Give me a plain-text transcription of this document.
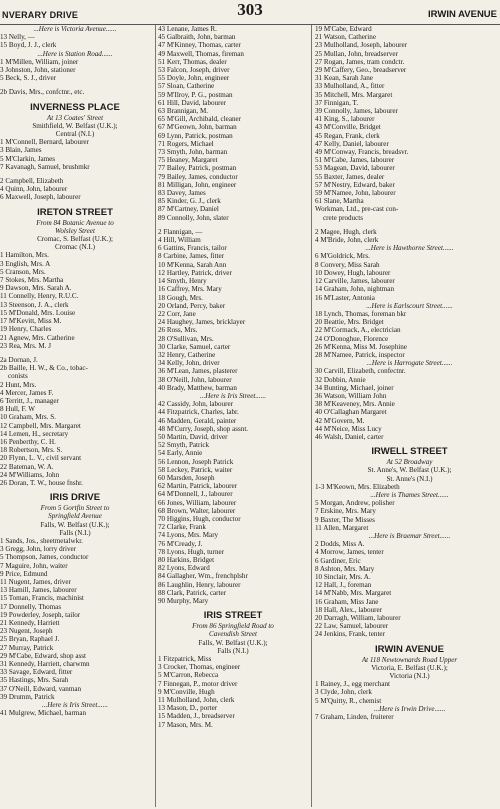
NVERARY DRIVE	303	IRWIN AVENUE
...Here is Victoria Avenue......
13 Nelly, —
15 Boyd, J. J., clerk
...Here is Station Road......
1 M'Millen, William, joiner
3 Johnston, John, stationer
5 Beck, S. J., driver
2b Davis, Mrs., confctnr., etc.
INVERNESS PLACE
At 13 Coates' Street
Smithfield, W. Belfast (U.K.);
Central (N.I.)
1 M'Connell, Bernard, labourer
3 Blain, James
5 M'Clarkin, James
7 Kavanagh, Samuel, brushmkr
2 Campbell, Elizabeth
4 Quinn, John, labourer
6 Maxwell, Joseph, labourer
IRETON STREET
From 84 Botanic Avenue to
Wolsley Street
Cromac, S. Belfast (U.K.);
Cromac (N.I.)
1 Hamilton, Mrs.
3 English, Mrs. A
5 Cranson, Mrs.
7 Stokes, Mrs. Martha
9 Dawson, Mrs. Sarah A.
11 Connelly, Henry, R.U.C.
13 Steenson, J. A., clerk
15 M'Donald, Mrs. Louise
17 M'Kevitt, Miss M.
19 Henry, Charles
21 Agnew, Mrs. Catherine
23 Rea, Mrs. M. J
2a Dornan, J.
2b Baille, H. W., & Co., tobac-
conists
2 Hunt, Mrs.
4 Mercer, James F.
6 Territt, J., manager
8 Hull, F. W
10 Graham, Mrs. S.
12 Campbell, Mrs. Margaret
14 Lemen, H., secretary
16 Penberthy, C. H.
18 Robertson, Mrs. S.
20 Flynn, L. V., civil servant
22 Bateman, W. A.
24 M'Williams, John
26 Doran, T. W., house fnshr.
IRIS DRIVE
From 5 Gortfin Street to
Springfield Avenue
Falls, W. Belfast (U.K.);
Falls (N.I.)
1 Sands, Jos., sheetmetalwkr.
3 Gregg, John, lorry driver
5 Thompson, James, conductor
7 Maguire, John, waiter
9 Price, Edmund
11 Nugent, James, driver
13 Hamill, James, labourer
15 Toman, Francis, machinist
17 Donnelly, Thomas
19 Powderley, Joseph, tailor
21 Kennedy, Harriett
23 Nugent, Joseph
25 Bryan, Raphael J.
27 Murray, Patrick
29 M'Cabe, Edward, shop asst
31 Kennedy, Harriett, charwmn
33 Savage, Edward, fitter
35 Hastings, Mrs. Sarah
37 O'Neill, Edward, vanman
39 Drumm, Patrick
...Here is Iris Street......
41 Mulgrew, Michael, barman
43 Lenane, James R.
45 Galbraith, John, barman
47 M'Kinney, Thomas, carter
49 Maxwell, Thomas, fireman
51 Kerr, Thomas, dealer
53 Falcon, Joseph, driver
55 Doyle, John, engineer
57 Sloan, Catherine
59 M'Ilroy, P. G., postman
61 Hill, David, labourer
63 Brannigan, M.
65 M'Gill, Archibald, cleaner
67 M'Geown, John, barman
69 Lynn, Patrick, postman
71 Rogers, Michael
73 Smyth, John, barman
75 Heaney, Margaret
77 Bailey, Patrick, postman
79 Bailey, James, conductor
81 Milligan, John, engineer
83 Davey, James
85 Kinder, G. J., clerk
87 M'Cartney, Daniel
89 Connolly, John, slater
2 Flannigan, —
4 Hill, William
6 Gattins, Francis, tailor
8 Carbine, James, fitter
10 M'Kenna, Sarah Ann
12 Hartley, Patrick, driver
14 Smyth, Henry
16 Caffrey, Mrs. Mary
18 Gough, Mrs.
20 Orland, Percy, baker
22 Corr, Jane
24 Haughey, James, bricklayer
26 Ross, Mrs.
28 O'Sullivan, Mrs.
30 Clarke, Samuel, carter
32 Henry, Catherine
34 Kelly, John, driver
36 M'Lean, James, plasterer
38 O'Neill, John, labourer
40 Brady, Matthew, barman
...Here is Iris Street......
42 Cassidy, John, labourer
44 Fitzpatrick, Charles, labr.
46 Madden, Gerald, painter
48 M'Curry, Joseph, shop assnt.
50 Martin, David, driver
52 Smyth, Patrick
54 Early, Annie
56 Lennon, Joseph Patrick
58 Leckey, Patrick, waiter
60 Marsden, Joseph
62 Martin, Patrick, labourer
64 M'Donnell, J., labourer
66 Jones, William, labourer
68 Brown, Walter, labourer
70 Higgins, Hugh, conductor
72 Clarke, Frank
74 Lyons, Mrs. Mary
76 M'Cready, J.
78 Lyons, Hugh, turner
80 Harkins, Bridget
82 Lyons, Edward
84 Gallagher, Wm., frenchplshr
86 Laughlin, Henry, labourer
88 Clark, Patrick, carter
90 Murphy, Mary
IRIS STREET
From 86 Springfield Road to
Cavendish Street
Falls, W. Belfast (U.K.);
Falls (N.I.)
1 Fitzpatrick, Miss
3 Crocker, Thomas, engineer
5 M'Carron, Rebecca
7 Finnegan, P., motor driver
9 M'Conville, Hugh
11 Mulholland, John, clerk
13 Mason, D., porter
15 Madden, J., breadserver
17 Mason, Mrs. M.
19 M'Cabe, Edward
21 Watson, Catherine
23 Mulholland, Joseph, labourer
25 Mullan, John, breadserver
27 Rogan, James, tram condctr.
29 M'Caffery, Geo., breadserver
31 Kean, Sarah Jane
33 Mulholland, A., fitter
35 Mitchell, Mrs. Margaret
37 Finnigan, T.
39 Connolly, James, labourer
41 King, S., labourer
43 M'Conville, Bridget
45 Regan, Frank, clerk
47 Kelly, Daniel, labourer
49 M'Conway, Francis, breadsvr.
51 M'Cabe, James, labourer
53 Magean, David, labourer
55 Baxter, James, dealer
57 M'Nestry, Edward, baker
59 M'Namee, John, labourer
61 Slane, Martha
Workman, Ltd., pre-cast con-
crete products
2 Magee, Hugh, clerk
4 M'Bride, John, clerk
...Here is Hawthorne Street......
6 M'Goldrick, Mrs.
8 Convery, Miss Sarah
10 Dowey, Hugh, labourer
12 Carville, James, labourer
14 Graham, John, nightman
16 M'Laster, Antonia
...Here is Earlscourt Street......
18 Lynch, Thomas, foreman bkr
20 Beattie, Mrs. Bridget
22 M'Cormack, A., electrician
24 O'Donoghue, Florence
26 M'Kenna, Miss M. Josephine
28 M'Namee, Patrick, inspector
...Here is Harrogate Street......
30 Carvill, Elizabeth, confectnr.
32 Dobbin, Annie
34 Bunting, Michael, joiner
36 Watson, William John
38 M'Keaveney, Mrs. Annie
40 O'Callaghan Margaret
42 M'Govern, M.
44 M'Neice, Miss Lucy
46 Walsh, Daniel, carter
IRWELL STREET
At 52 Broadway
St. Anne's, W. Belfast (U.K.);
St. Anne's (N.I.)
1-3 M'Keown, Mrs. Elizabeth
...Here is Thames Street......
5 Morgan, Andrew, polisher
7 Erskine, Mrs. Mary
9 Baxter, The Misses
11 Allen, Margaret
...Here is Braemar Street......
2 Dodds, Miss A.
4 Morrow, James, tenter
6 Gardiner, Eric
8 Ashton, Mrs. Mary
10 Sinclair, Mrs. A.
12 Hall, J., foreman
14 M'Nabb, Mrs. Margaret
16 Graham, Miss Jane
18 Hall, Alex., labourer
20 Darragh, William, labourer
22 Law, Samuel, labourer
24 Jenkins, Frank, tenter
IRWIN AVENUE
At 118 Newtownards Road Upper
Victoria, E. Belfast (U.K.);
Victoria (N.I.)
1 Rainey, J., egg merchant
3 Clyde, John, clerk
5 M'Quitty, R., chemist
...Here is Irwin Drive......
7 Graham, Linden, fruiterer
